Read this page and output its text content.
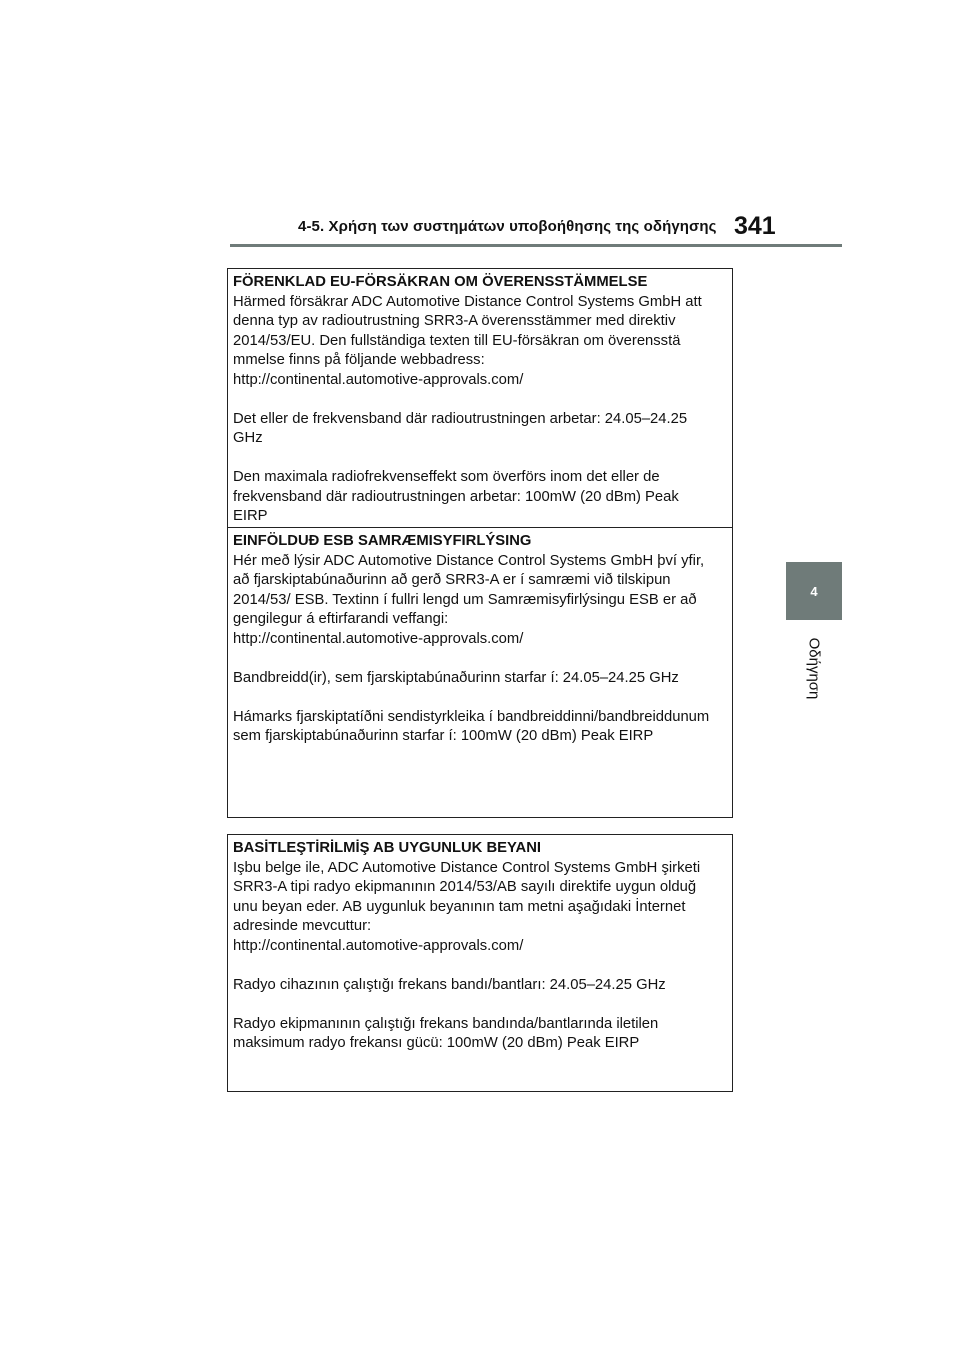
4-5. Χρήση των συστημάτων υποβοήθησης της οδήγησης 341
4
Οδήγηση
FÖRENKLAD EU-FÖRSÄKRAN OM ÖVERENSSTÄMMELSE
Härmed försäkrar ADC Automotive Distance Control Systems GmbH att
denna typ av radioutrustning SRR3-A överensstämmer med direktiv
2014/53/EU. Den fullständiga texten till EU-försäkran om överensstä
mmelse finns på följande webbadress:
http://continental.automotive-approvals.com/
Det eller de frekvensband där radioutrustningen arbetar: 24.05–24.25
GHz
Den maximala radiofrekvenseffekt som överförs inom det eller de
frekvensband där radioutrustningen arbetar: 100mW (20 dBm) Peak
EIRP
EINFÖLDUÐ ESB SAMRÆMISYFIRLÝSING
Hér með lýsir ADC Automotive Distance Control Systems GmbH því yfir,
að fjarskiptabúnaðurinn að gerð SRR3-A er í samræmi við tilskipun
2014/53/ ESB. Textinn í fullri lengd um Samræmisyfirlýsingu ESB er að
gengilegur á eftirfarandi veffangi:
http://continental.automotive-approvals.com/
Bandbreidd(ir), sem fjarskiptabúnaðurinn starfar í: 24.05–24.25 GHz
Hámarks fjarskiptatíðni sendistyrkleika í bandbreiddinni/bandbreiddunum
sem fjarskiptabúnaðurinn starfar í: 100mW (20 dBm) Peak EIRP
BASİTLEŞTİRİLMİŞ AB UYGUNLUK BEYANI
Işbu belge ile, ADC Automotive Distance Control Systems GmbH şirketi
SRR3-A tipi radyo ekipmanının 2014/53/AB sayılı direktife uygun olduğ
unu beyan eder. AB uygunluk beyanının tam metni aşağıdaki İnternet
adresinde mevcuttur:
http://continental.automotive-approvals.com/
Radyo cihazının çalıştığı frekans bandı/bantları: 24.05–24.25 GHz
Radyo ekipmanının çalıştığı frekans bandında/bantlarında iletilen
maksimum radyo frekansı gücü: 100mW (20 dBm) Peak EIRP
